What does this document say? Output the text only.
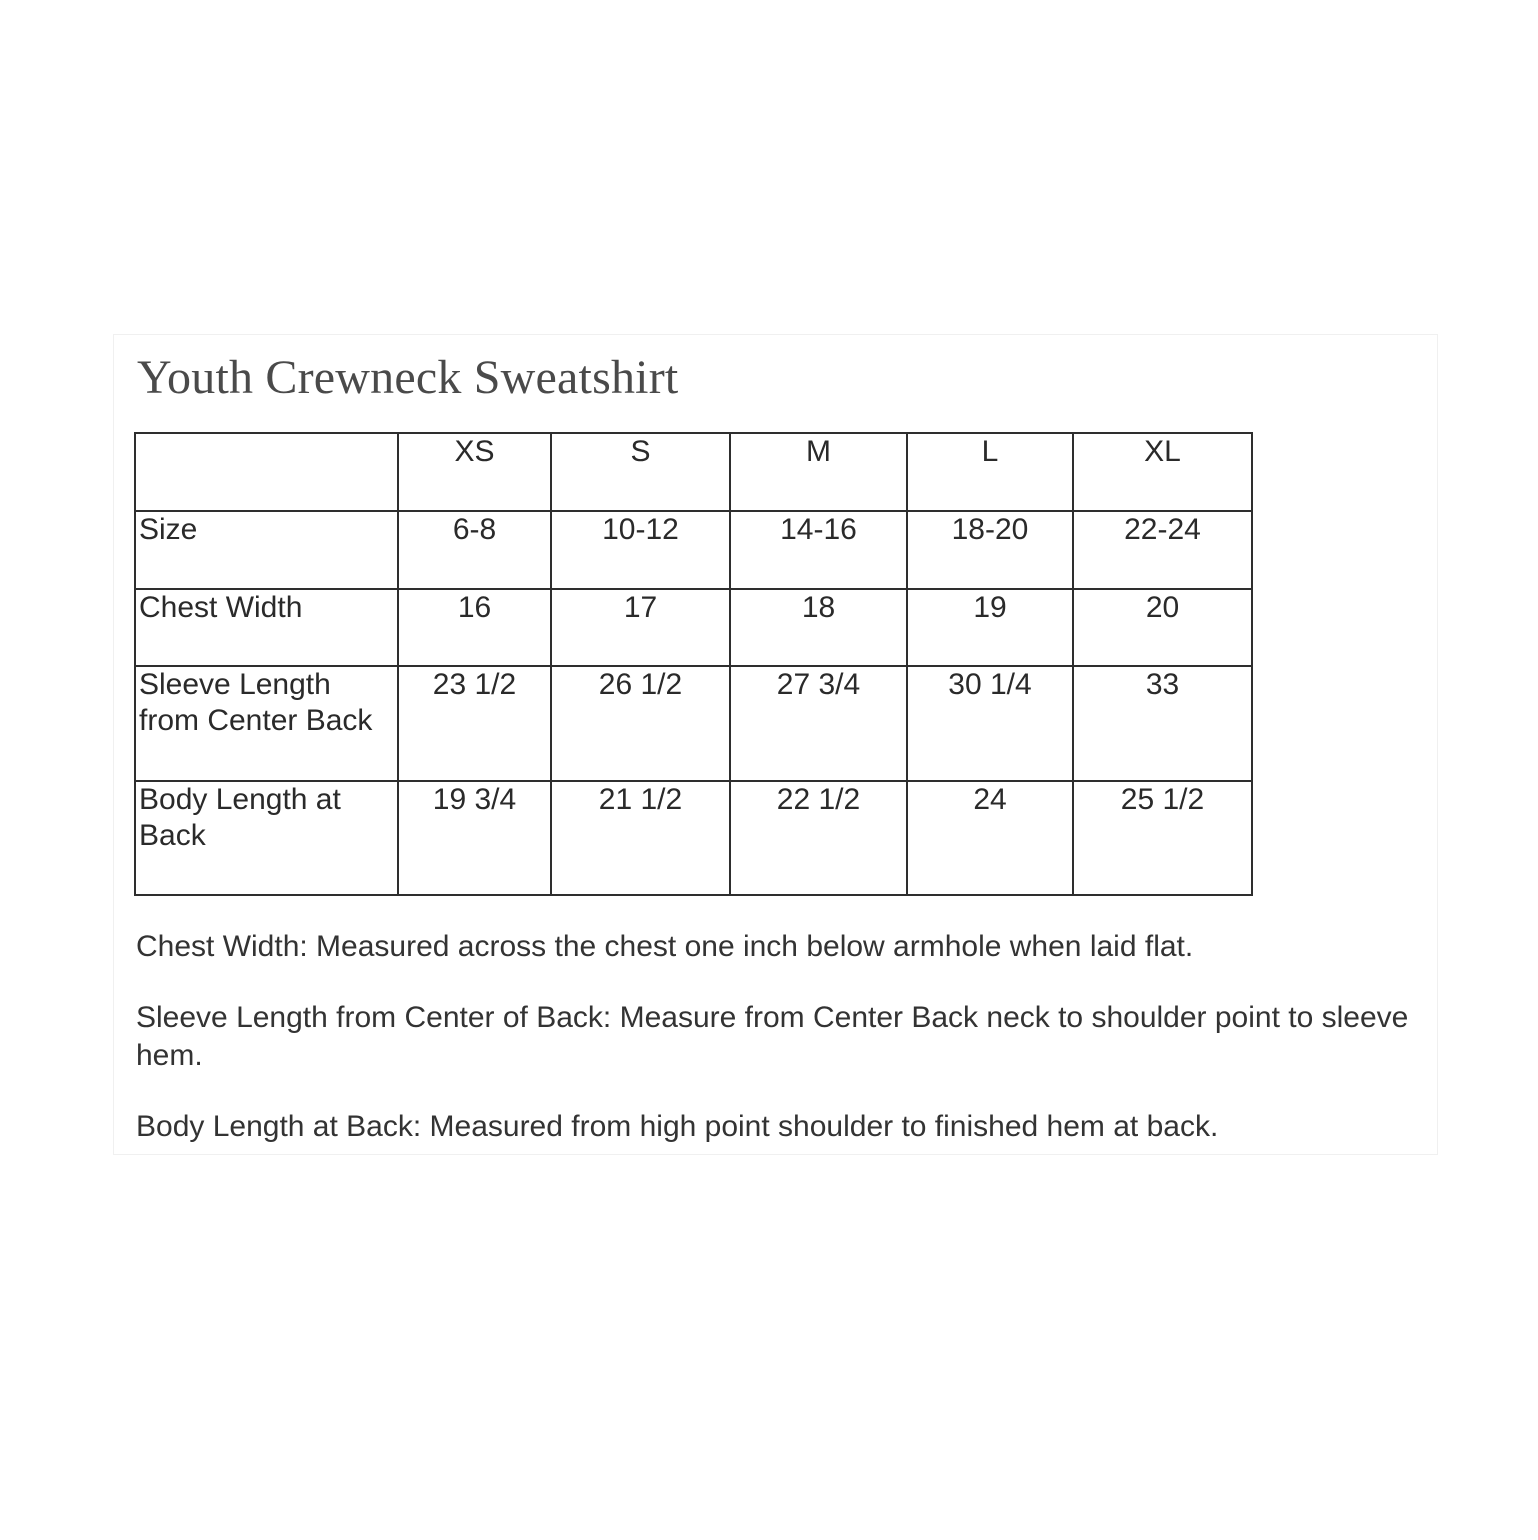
Youth Crewneck Sweatshirt
	XS	S	M	L	XL
Size	6-8	10-12	14-16	18-20	22-24
Chest Width	16	17	18	19	20
Sleeve Length from Center Back	23 1/2	26 1/2	27 3/4	30 1/4	33
Body Length at Back	19 3/4	21 1/2	22 1/2	24	25 1/2

Chest Width: Measured across the chest one inch below armhole when laid flat.

Sleeve Length from Center of Back: Measure from Center Back neck to shoulder point to sleeve hem.

Body Length at Back: Measured from high point shoulder to finished hem at back.
